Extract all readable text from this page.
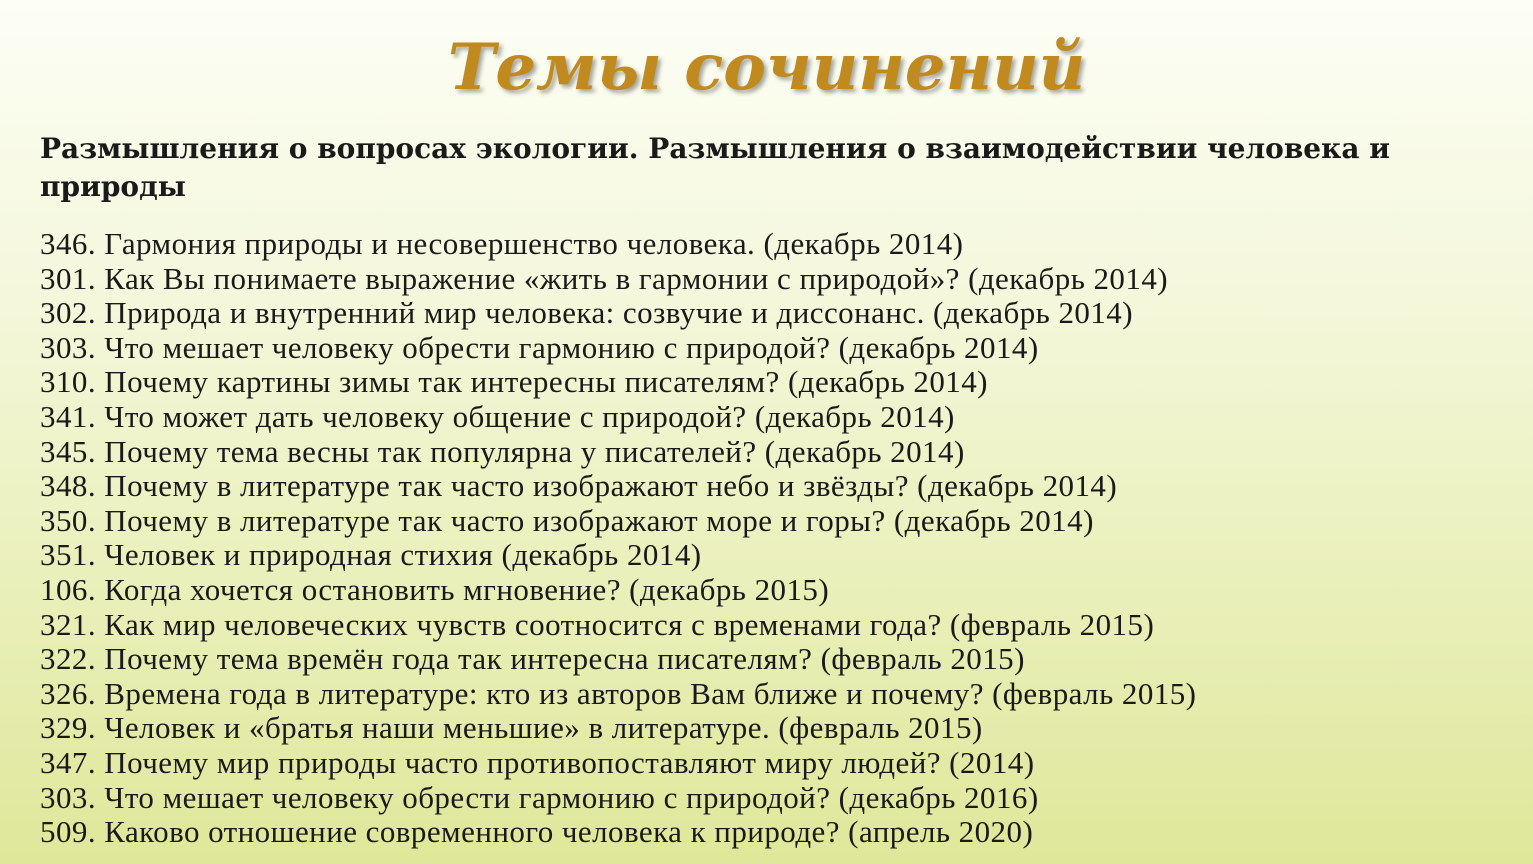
Темы сочинений

Размышления о вопросах экологии. Размышления о взаимодействии человека и природы

346. Гармония природы и несовершенство человека. (декабрь 2014)
301. Как Вы понимаете выражение «жить в гармонии с природой»? (декабрь 2014)
302. Природа и внутренний мир человека: созвучие и диссонанс. (декабрь 2014)
303. Что мешает человеку обрести гармонию с природой? (декабрь 2014)
310. Почему картины зимы так интересны писателям? (декабрь 2014)
341. Что может дать человеку общение с природой? (декабрь 2014)
345. Почему тема весны так популярна у писателей? (декабрь 2014)
348. Почему в литературе так часто изображают небо и звёзды? (декабрь 2014)
350. Почему в литературе так часто изображают море и горы? (декабрь 2014)
351. Человек и природная стихия (декабрь 2014)
106. Когда хочется остановить мгновение? (декабрь 2015)
321. Как мир человеческих чувств соотносится с временами года? (февраль 2015)
322. Почему тема времён года так интересна писателям? (февраль 2015)
326. Времена года в литературе: кто из авторов Вам ближе и почему? (февраль 2015)
329. Человек и «братья наши меньшие» в литературе. (февраль 2015)
347. Почему мир природы часто противопоставляют миру людей? (2014)
303. Что мешает человеку обрести гармонию с природой? (декабрь 2016)
509. Каково отношение современного человека к природе? (апрель 2020)
